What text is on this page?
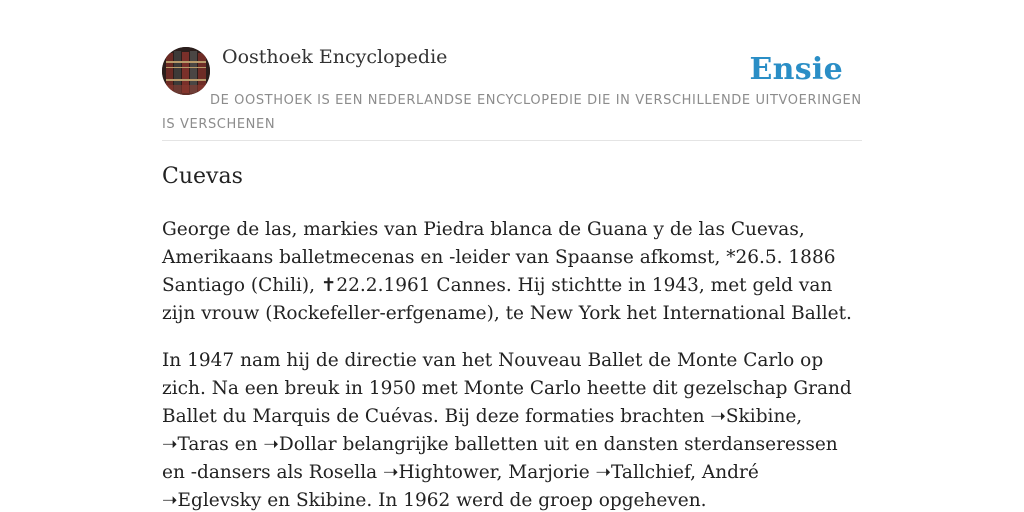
Oosthoek Encyclopedie	Ensie
DE OOSTHOEK IS EEN NEDERLANDSE ENCYCLOPEDIE DIE IN VERSCHILLENDE UITVOERINGEN IS VERSCHENEN
Cuevas

George de las, markies van Piedra blanca de Guana y de las Cuevas, Amerikaans balletmecenas en -leider van Spaanse afkomst, *26.5. 1886 Santiago (Chili), ✝22.2.1961 Cannes. Hij stichtte in 1943, met geld van zijn vrouw (Rockefeller-erfgename), te New York het International Ballet.

In 1947 nam hij de directie van het Nouveau Ballet de Monte Carlo op zich. Na een breuk in 1950 met Monte Carlo heette dit gezelschap Grand Ballet du Marquis de Cuévas. Bij deze formaties brachten ➝Skibine, ➝Taras en ➝Dollar belangrijke balletten uit en dansten sterdanseressen en -dansers als Rosella ➝Hightower, Marjorie ➝Tallchief, André ➝Eglevsky en Skibine. In 1962 werd de groep opgeheven.
